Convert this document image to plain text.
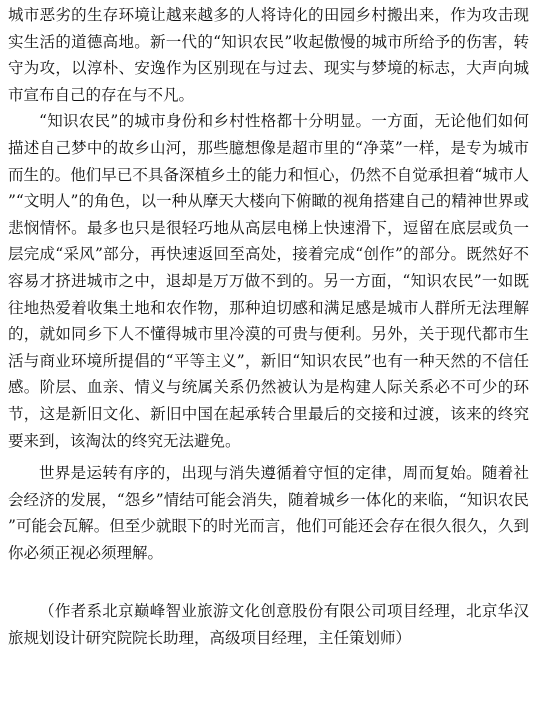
城市恶劣的生存环境让越来越多的人将诗化的田园乡村搬出来，作为攻击现实生活的道德高地。新一代的“知识农民”收起傲慢的城市所给予的伤害，转守为攻，以淳朴、安逸作为区别现在与过去、现实与梦境的标志，大声向城市宣布自己的存在与不凡。

“知识农民”的城市身份和乡村性格都十分明显。一方面，无论他们如何描述自己梦中的故乡山河，那些臆想像是超市里的“净菜”一样，是专为城市而生的。他们早已不具备深植乡土的能力和恒心，仍然不自觉承担着“城市人”“文明人”的角色，以一种从摩天大楼向下俯瞰的视角搭建自己的精神世界或悲悯情怀。最多也只是很轻巧地从高层电梯上快速滑下，逗留在底层或负一层完成“采风”部分，再快速返回至高处，接着完成“创作”的部分。既然好不容易才挤进城市之中，退却是万万做不到的。另一方面，“知识农民”一如既往地热爱着收集土地和农作物，那种迫切感和满足感是城市人群所无法理解的，就如同乡下人不懂得城市里冷漠的可贵与便利。另外，关于现代都市生活与商业环境所提倡的“平等主义”，新旧“知识农民”也有一种天然的不信任感。阶层、血亲、情义与统属关系仍然被认为是构建人际关系必不可少的环节，这是新旧文化、新旧中国在起承转合里最后的交接和过渡，该来的终究要来到，该淘汰的终究无法避免。

世界是运转有序的，出现与消失遵循着守恒的定律，周而复始。随着社会经济的发展，“怨乡”情结可能会消失，随着城乡一体化的来临，“知识农民”可能会瓦解。但至少就眼下的时光而言，他们可能还会存在很久很久，久到你必须正视必须理解。

（作者系北京巅峰智业旅游文化创意股份有限公司项目经理，北京华汉旅规划设计研究院院长助理，高级项目经理，主任策划师）
